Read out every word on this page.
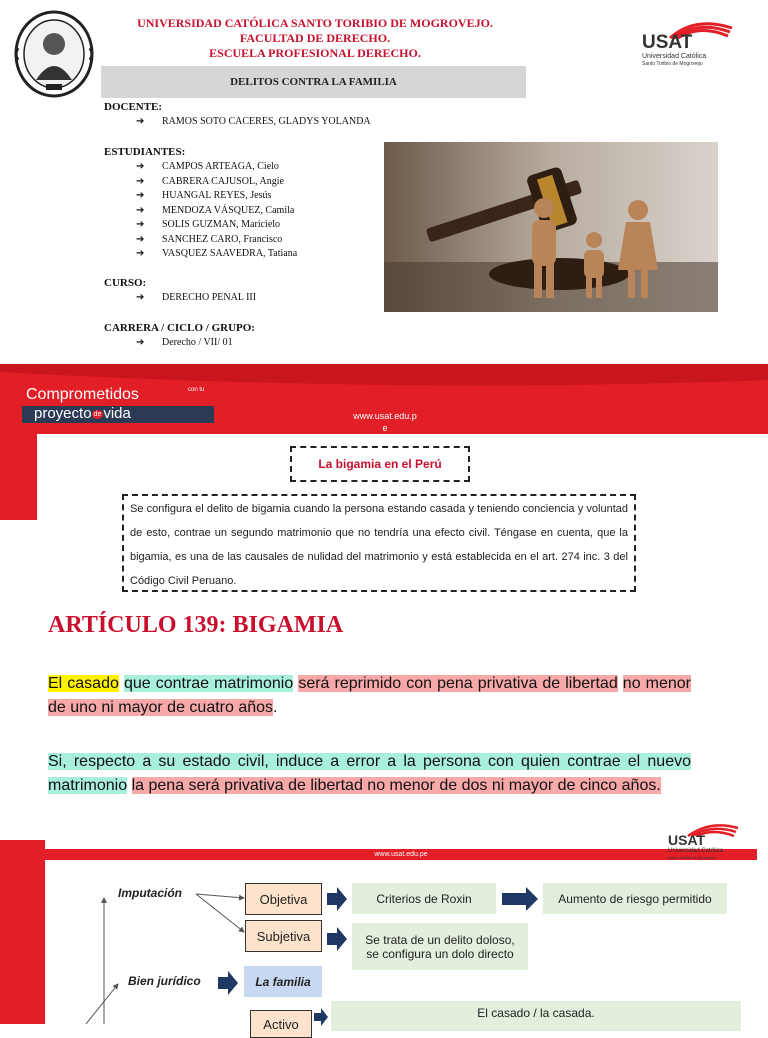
UNIVERSIDAD CATÓLICA SANTO TORIBIO DE MOGROVEJO.
FACULTAD DE DERECHO.
ESCUELA PROFESIONAL DERECHO.	USAT
Universidad Católica
Santo Toribio de Mogrovejo
DELITOS CONTRA LA FAMILIA
DOCENTE:
➔ RAMOS SOTO CACERES, GLADYS YOLANDA
ESTUDIANTES:
➔ CAMPOS ARTEAGA, Cielo
➔ CABRERA CAJUSOL, Angie
➔ HUANGAL REYES, Jesús
➔ MENDOZA VÁSQUEZ, Camila
➔ SOLIS GUZMAN, Maricielo
➔ SANCHEZ CARO, Francisco
➔ VASQUEZ SAAVEDRA, Tatiana
CURSO:
➔ DERECHO PENAL III
CARRERA / CICLO / GRUPO:
➔ Derecho / VII/ 01
Comprometidos	con tu
proyecto de vida	www.usat.edu.p
e
La bigamia en el Perú
Se configura el delito de bigamia cuando la persona estando casada y teniendo conciencia y voluntad de esto, contrae un segundo matrimonio que no tendría una efecto civil. Téngase en cuenta, que la bigamia, es una de las causales de nulidad del matrimonio y está establecida en el art. 274 inc. 3 del Código Civil Peruano.
ARTÍCULO 139: BIGAMIA
El casado que contrae matrimonio será reprimido con pena privativa de libertad no menor de uno ni mayor de cuatro años.
Si, respecto a su estado civil, induce a error a la persona con quien contrae el nuevo matrimonio la pena será privativa de libertad no menor de dos ni mayor de cinco años.
www.usat.edu.pe
USAT
Universidad Católica
Santo Toribio de Mogrovejo
Imputación	Objetiva
Subjetiva
Criterios de Roxin	Aumento de riesgo permitido
Se trata de un delito doloso,
se configura un dolo directo
Bien jurídico	La familia
Activo
El casado / la casada.
